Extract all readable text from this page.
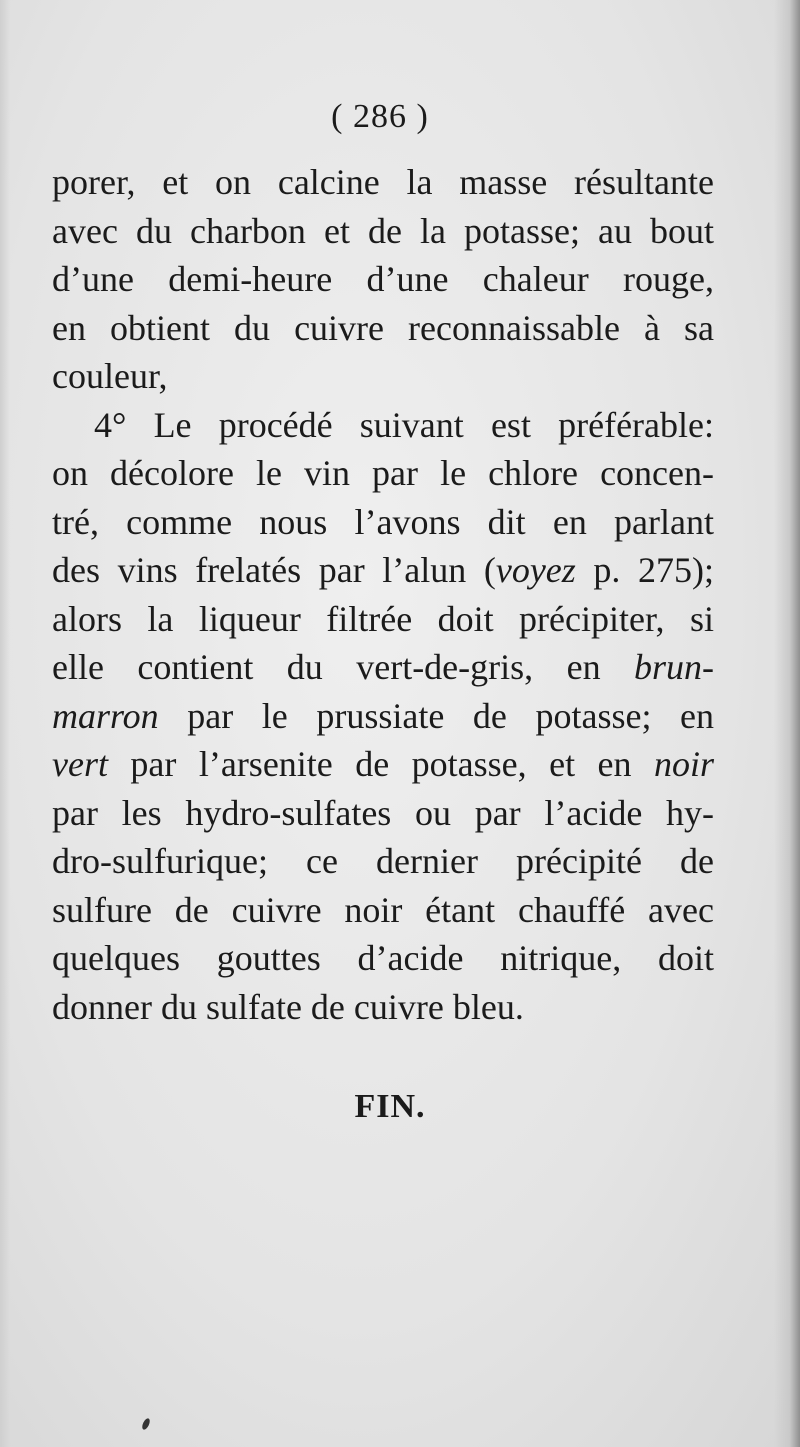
( 286 )
porer, et on calcine la masse résultante
avec du charbon et de la potasse; au bout
d’une demi-heure d’une chaleur rouge,
en obtient du cuivre reconnaissable à sa
couleur,
4° Le procédé suivant est préférable:
on décolore le vin par le chlore concen-
tré, comme nous l’avons dit en parlant
des vins frelatés par l’alun (voyez p. 275);
alors la liqueur filtrée doit précipiter, si
elle contient du vert-de-gris, en brun-
marron par le prussiate de potasse; en
vert par l’arsenite de potasse, et en noir
par les hydro-sulfates ou par l’acide hy-
dro-sulfurique; ce dernier précipité de
sulfure de cuivre noir étant chauffé avec
quelques gouttes d’acide nitrique, doit
donner du sulfate de cuivre bleu.
FIN.
